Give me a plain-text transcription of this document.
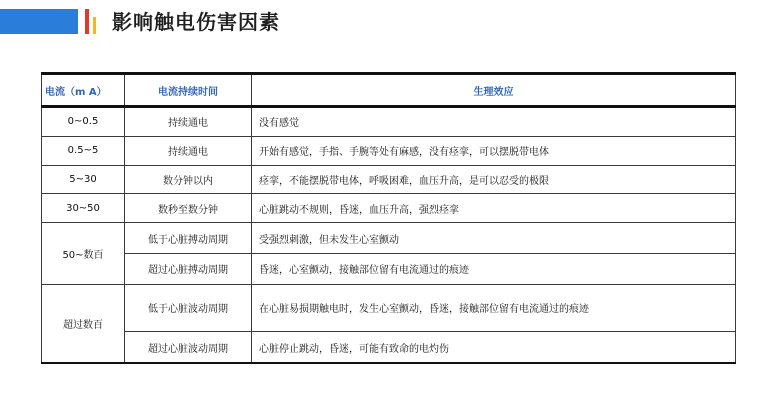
影响触电伤害因素
电流（m A）	电流持续时间	生理效应
0~0.5	持续通电	没有感觉
0.5~5	持续通电	开始有感觉，手指、手腕等处有麻感，没有痉挛，可以摆脱带电体
5~30	数分钟以内	痉挛，不能摆脱带电体，呼吸困难，血压升高，是可以忍受的极限
30~50	数秒至数分钟	心脏跳动不规则，昏迷，血压升高，强烈痉挛
50~数百	低于心脏搏动周期	受强烈刺激，但未发生心室颤动
	超过心脏搏动周期	昏迷，心室颤动，接触部位留有电流通过的痕迹
超过数百	低于心脏波动周期	在心脏易损期触电时，发生心室颤动，昏迷，接触部位留有电流通过的痕迹
	超过心脏波动周期	心脏停止跳动，昏迷，可能有致命的电灼伤
